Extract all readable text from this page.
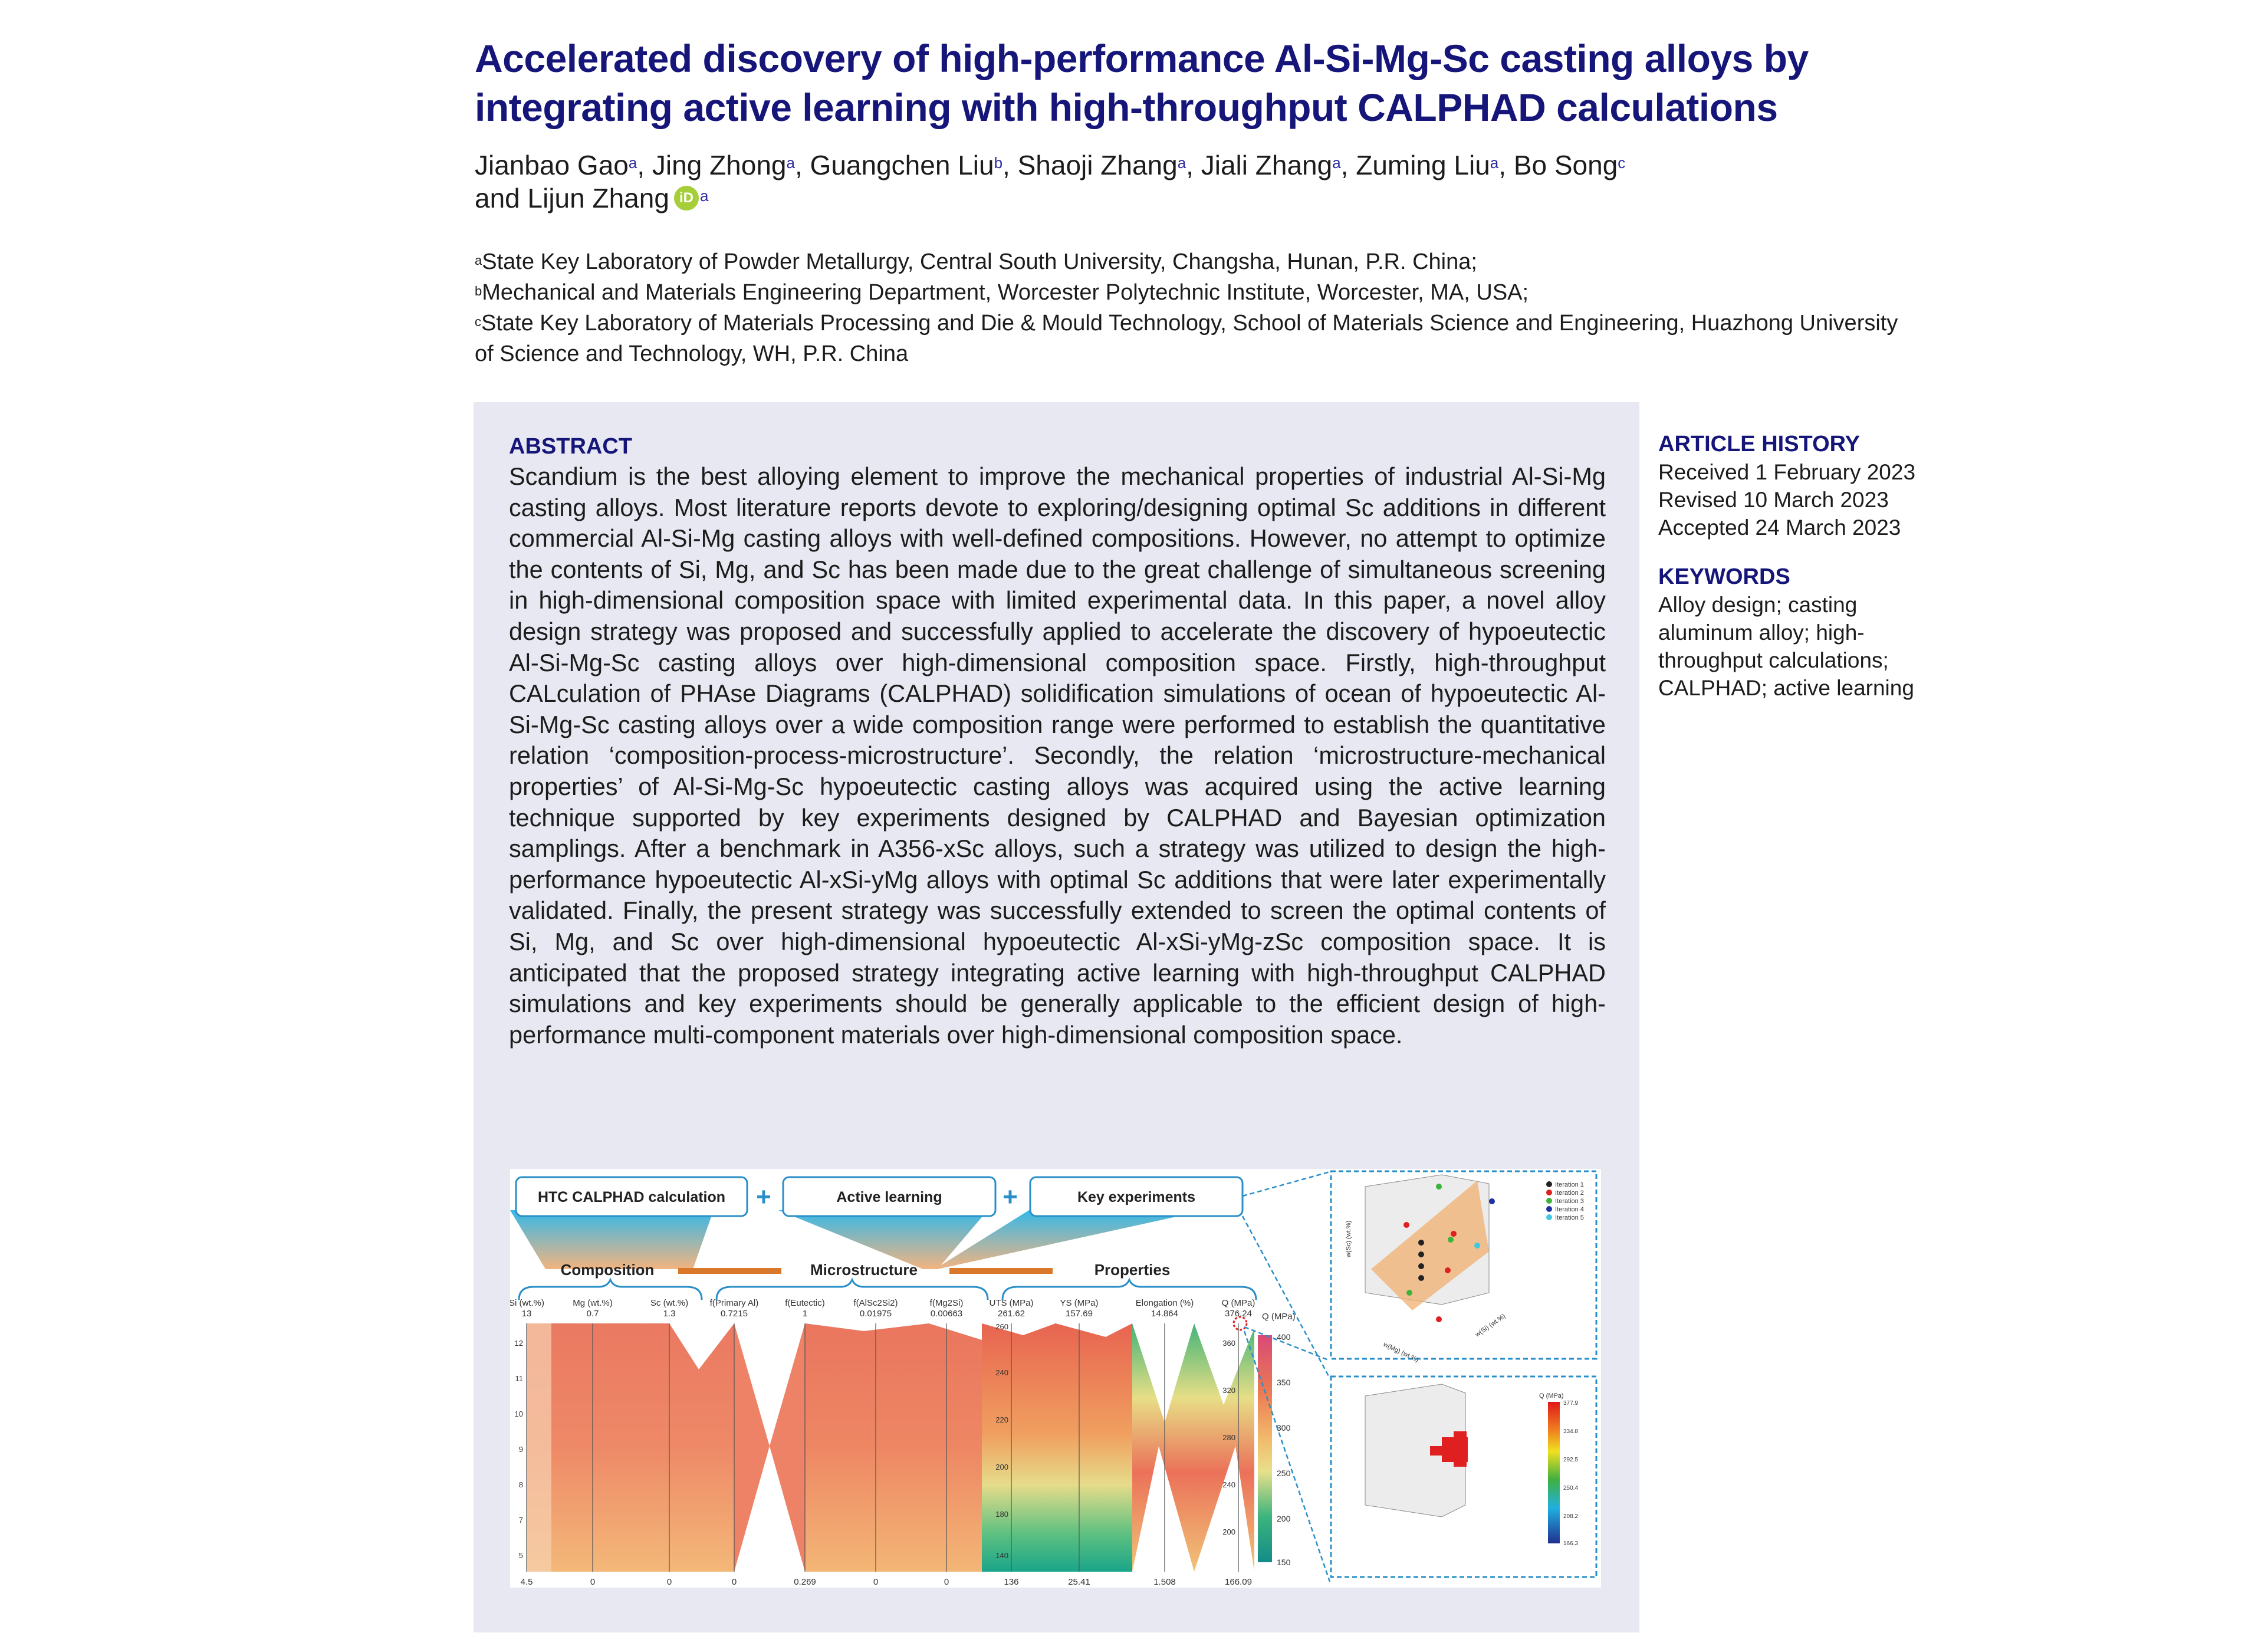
Accelerated discovery of high-performance Al-Si-Mg-Sc casting alloys by
integrating active learning with high-throughput CALPHAD calculations
Jianbao Gao$^a$, Jing Zhong$^a$, Guangchen Liu$^b$, Shaoji Zhang$^a$, Jiali Zhang$^a$, Zuming Liu$^a$, Bo Song$^c$
and Lijun Zhang iD $^a$
$^a$State Key Laboratory of Powder Metallurgy, Central South University, Changsha, Hunan, P.R. China;
$^b$Mechanical and Materials Engineering Department, Worcester Polytechnic Institute, Worcester, MA, USA;
$^c$State Key Laboratory of Materials Processing and Die & Mould Technology, School of Materials Science and Engineering, Huazhong University of Science and Technology, WH, P.R. China
ABSTRACT
Scandium is the best alloying element to improve the mechanical properties of industrial Al-Si-Mg casting alloys. Most literature reports devote to exploring/designing optimal Sc additions in different commercial Al-Si-Mg casting alloys with well-defined compositions. However, no attempt to optimize the contents of Si, Mg, and Sc has been made due to the great challenge of simultaneous screening in high-dimensional composition space with limited experimental data. In this paper, a novel alloy design strategy was proposed and successfully applied to accelerate the discovery of hypoeutectic Al-Si-Mg-Sc casting alloys over high-dimensional composition space. Firstly, high-throughput CALculation of PHAse Diagrams (CALPHAD) solidification simulations of ocean of hypoeutectic Al-Si-Mg-Sc casting alloys over a wide composition range were performed to establish the quantitative relation ‘composition-process-microstructure’. Secondly, the relation ‘microstructure-mechanical properties’ of Al-Si-Mg-Sc hypoeutectic casting alloys was acquired using the active learning technique supported by key experiments designed by CALPHAD and Bayesian optimization samplings. After a benchmark in A356-xSc alloys, such a strategy was utilized to design the high-performance hypoeutectic Al-xSi-yMg alloys with optimal Sc additions that were later experimentally validated. Finally, the present strategy was successfully extended to screen the optimal contents of Si, Mg, and Sc over high-dimensional hypoeutectic Al-xSi-yMg-zSc composition space. It is anticipated that the proposed strategy integrating active learning with high-throughput CALPHAD simulations and key experiments should be generally applicable to the efficient design of high-performance multi-component materials over high-dimensional composition space.
ARTICLE HISTORY
Received 1 February 2023
Revised 10 March 2023
Accepted 24 March 2023
KEYWORDS
Alloy design; casting
aluminum alloy; high-
throughput calculations;
CALPHAD; active learning
HTC CALPHAD calculation +	Active learning +	Key experiments
Composition	Microstructure	Properties
Si (wt.%)
13
4.5
Mg (wt.%)
0.7
0
Sc (wt.%)
1.3
0
f(Primary Al)
0.7215
0
f(Eutectic)
1
0.269
f(AlSc2Si2)
0.01975
0
f(Mg2Si)
0.00663
0
UTS (MPa)
261.62
136
YS (MPa)
157.69
25.41
Elongation (%)
14.864
1.508
Q (MPa)
376.24
166.09
12
11
10
9
8
7
5
260
240
220
200
180
140
360
320
280
240
200
Q (MPa)
400
350
300
250
200
150
Iteration 1
Iteration 2
Iteration 3
Iteration 4
Iteration 5
w(Sc) (wt.%)
w(Mg) (wt.%)
w(Si) (wt.%)
Q (MPa)
377.9
334.8
292.5
250.4
208.2
166.3
